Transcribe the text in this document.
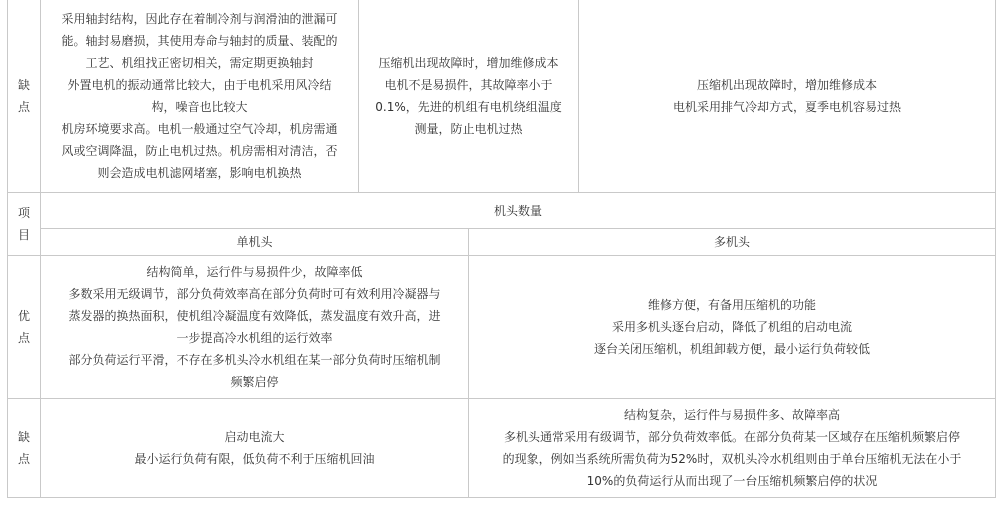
缺
点
采用轴封结构，因此存在着制冷剂与润滑油的泄漏可
能。轴封易磨损，其使用寿命与轴封的质量、装配的
工艺、机组找正密切相关，需定期更换轴封
外置电机的振动通常比较大，由于电机采用风冷结
构，噪音也比较大
机房环境要求高。电机一般通过空气冷却，机房需通
风或空调降温，防止电机过热。机房需相对清洁，否
则会造成电机滤网堵塞，影响电机换热
压缩机出现故障时，增加维修成本
电机不是易损件，其故障率小于
0.1%，先进的机组有电机绕组温度
测量，防止电机过热
压缩机出现故障时，增加维修成本
电机采用排气冷却方式，夏季电机容易过热
项
目
机头数量
单机头	多机头
优
点
结构简单，运行件与易损件少，故障率低
多数采用无级调节，部分负荷效率高在部分负荷时可有效利用冷凝器与
蒸发器的换热面积，使机组冷凝温度有效降低，蒸发温度有效升高，进
一步提高冷水机组的运行效率
部分负荷运行平滑，不存在多机头冷水机组在某一部分负荷时压缩机制
频繁启停
维修方便，有备用压缩机的功能
采用多机头逐台启动，降低了机组的启动电流
逐台关闭压缩机，机组卸载方便，最小运行负荷较低
缺
点
启动电流大
最小运行负荷有限，低负荷不利于压缩机回油
结构复杂，运行件与易损件多、故障率高
多机头通常采用有级调节，部分负荷效率低。在部分负荷某一区域存在压缩机频繁启停
的现象，例如当系统所需负荷为52%时，双机头冷水机组则由于单台压缩机无法在小于
10%的负荷运行从而出现了一台压缩机频繁启停的状况
